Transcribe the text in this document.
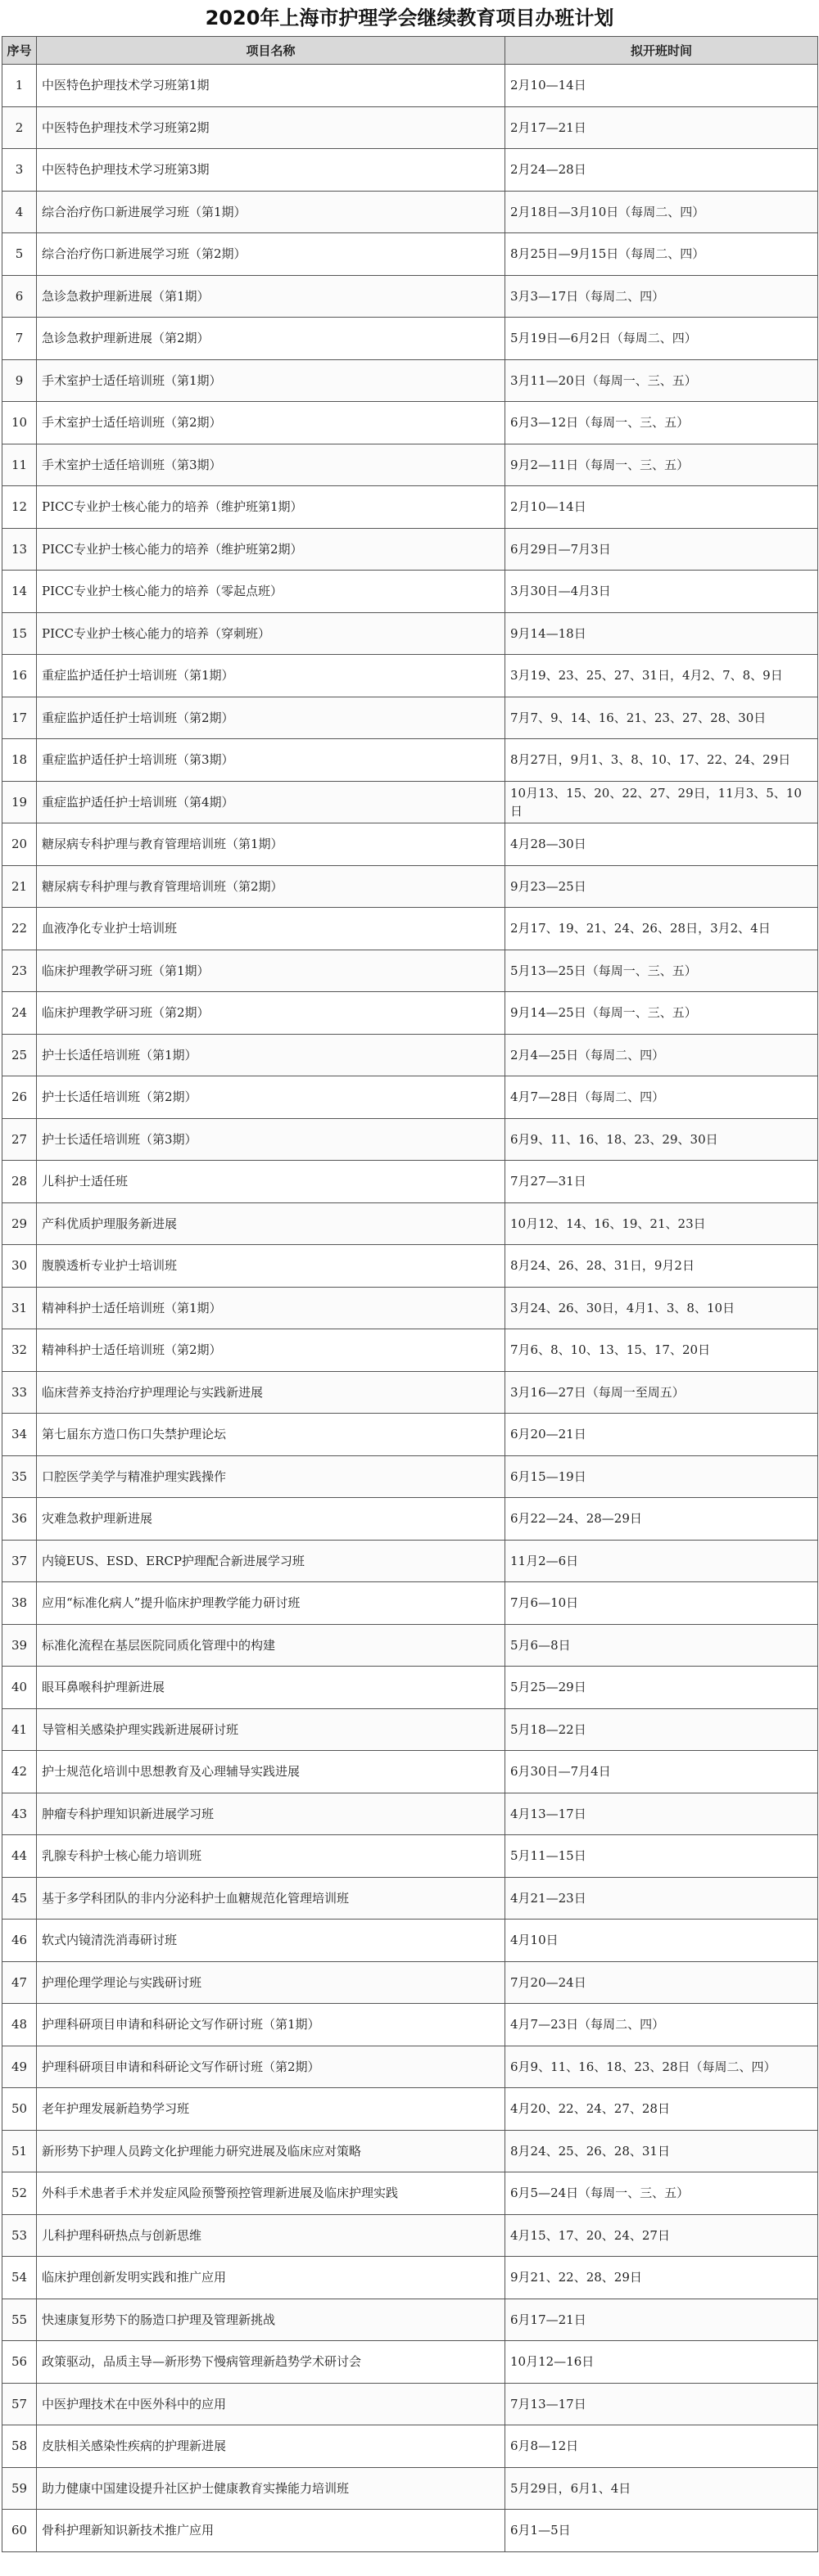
2020年上海市护理学会继续教育项目办班计划
序号	项目名称	拟开班时间
1	中医特色护理技术学习班第1期	2月10—14日
2	中医特色护理技术学习班第2期	2月17—21日
3	中医特色护理技术学习班第3期	2月24—28日
4	综合治疗伤口新进展学习班（第1期）	2月18日—3月10日（每周二、四）
5	综合治疗伤口新进展学习班（第2期）	8月25日—9月15日（每周二、四）
6	急诊急救护理新进展（第1期）	3月3—17日（每周二、四）
7	急诊急救护理新进展（第2期）	5月19日—6月2日（每周二、四）
9	手术室护士适任培训班（第1期）	3月11—20日（每周一、三、五）
10	手术室护士适任培训班（第2期）	6月3—12日（每周一、三、五）
11	手术室护士适任培训班（第3期）	9月2—11日（每周一、三、五）
12	PICC专业护士核心能力的培养（维护班第1期）	2月10—14日
13	PICC专业护士核心能力的培养（维护班第2期）	6月29日—7月3日
14	PICC专业护士核心能力的培养（零起点班）	3月30日—4月3日
15	PICC专业护士核心能力的培养（穿刺班）	9月14—18日
16	重症监护适任护士培训班（第1期）	3月19、23、25、27、31日，4月2、7、8、9日
17	重症监护适任护士培训班（第2期）	7月7、9、14、16、21、23、27、28、30日
18	重症监护适任护士培训班（第3期）	8月27日，9月1、3、8、10、17、22、24、29日
19	重症监护适任护士培训班（第4期）	10月13、15、20、22、27、29日，11月3、5、10日
20	糖尿病专科护理与教育管理培训班（第1期）	4月28—30日
21	糖尿病专科护理与教育管理培训班（第2期）	9月23—25日
22	血液净化专业护士培训班	2月17、19、21、24、26、28日，3月2、4日
23	临床护理教学研习班（第1期）	5月13—25日（每周一、三、五）
24	临床护理教学研习班（第2期）	9月14—25日（每周一、三、五）
25	护士长适任培训班（第1期）	2月4—25日（每周二、四）
26	护士长适任培训班（第2期）	4月7—28日（每周二、四）
27	护士长适任培训班（第3期）	6月9、11、16、18、23、29、30日
28	儿科护士适任班	7月27—31日
29	产科优质护理服务新进展	10月12、14、16、19、21、23日
30	腹膜透析专业护士培训班	8月24、26、28、31日，9月2日
31	精神科护士适任培训班（第1期）	3月24、26、30日，4月1、3、8、10日
32	精神科护士适任培训班（第2期）	7月6、8、10、13、15、17、20日
33	临床营养支持治疗护理理论与实践新进展	3月16—27日（每周一至周五）
34	第七届东方造口伤口失禁护理论坛	6月20—21日
35	口腔医学美学与精准护理实践操作	6月15—19日
36	灾难急救护理新进展	6月22—24、28—29日
37	内镜EUS、ESD、ERCP护理配合新进展学习班	11月2—6日
38	应用“标准化病人”提升临床护理教学能力研讨班	7月6—10日
39	标准化流程在基层医院同质化管理中的构建	5月6—8日
40	眼耳鼻喉科护理新进展	5月25—29日
41	导管相关感染护理实践新进展研讨班	5月18—22日
42	护士规范化培训中思想教育及心理辅导实践进展	6月30日—7月4日
43	肿瘤专科护理知识新进展学习班	4月13—17日
44	乳腺专科护士核心能力培训班	5月11—15日
45	基于多学科团队的非内分泌科护士血糖规范化管理培训班	4月21—23日
46	软式内镜清洗消毒研讨班	4月10日
47	护理伦理学理论与实践研讨班	7月20—24日
48	护理科研项目申请和科研论文写作研讨班（第1期）	4月7—23日（每周二、四）
49	护理科研项目申请和科研论文写作研讨班（第2期）	6月9、11、16、18、23、28日（每周二、四）
50	老年护理发展新趋势学习班	4月20、22、24、27、28日
51	新形势下护理人员跨文化护理能力研究进展及临床应对策略	8月24、25、26、28、31日
52	外科手术患者手术并发症风险预警预控管理新进展及临床护理实践	6月5—24日（每周一、三、五）
53	儿科护理科研热点与创新思维	4月15、17、20、24、27日
54	临床护理创新发明实践和推广应用	9月21、22、28、29日
55	快速康复形势下的肠造口护理及管理新挑战	6月17—21日
56	政策驱动，品质主导—新形势下慢病管理新趋势学术研讨会	10月12—16日
57	中医护理技术在中医外科中的应用	7月13—17日
58	皮肤相关感染性疾病的护理新进展	6月8—12日
59	助力健康中国建设提升社区护士健康教育实操能力培训班	5月29日，6月1、4日
60	骨科护理新知识新技术推广应用	6月1—5日
